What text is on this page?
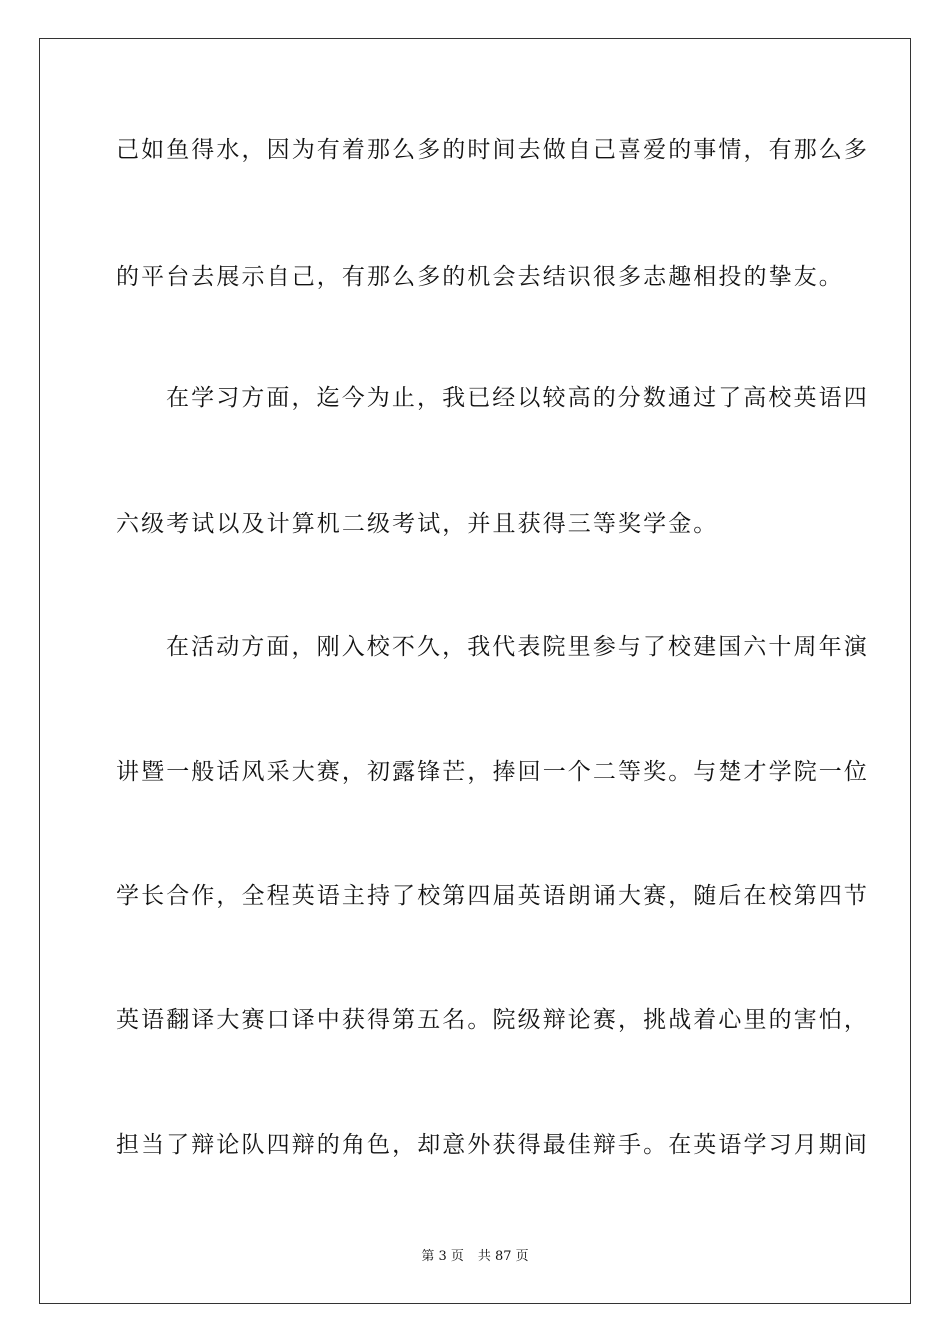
己如鱼得水，因为有着那么多的时间去做自己喜爱的事情，有那么多
的平台去展示自己，有那么多的机会去结识很多志趣相投的挚友。
在学习方面，迄今为止，我已经以较高的分数通过了高校英语四
六级考试以及计算机二级考试，并且获得三等奖学金。
在活动方面，刚入校不久，我代表院里参与了校建国六十周年演
讲暨一般话风采大赛，初露锋芒，捧回一个二等奖。与楚才学院一位
学长合作，全程英语主持了校第四届英语朗诵大赛，随后在校第四节
英语翻译大赛口译中获得第五名。院级辩论赛，挑战着心里的害怕，
担当了辩论队四辩的角色，却意外获得最佳辩手。在英语学习月期间
第 3 页 共 87 页
